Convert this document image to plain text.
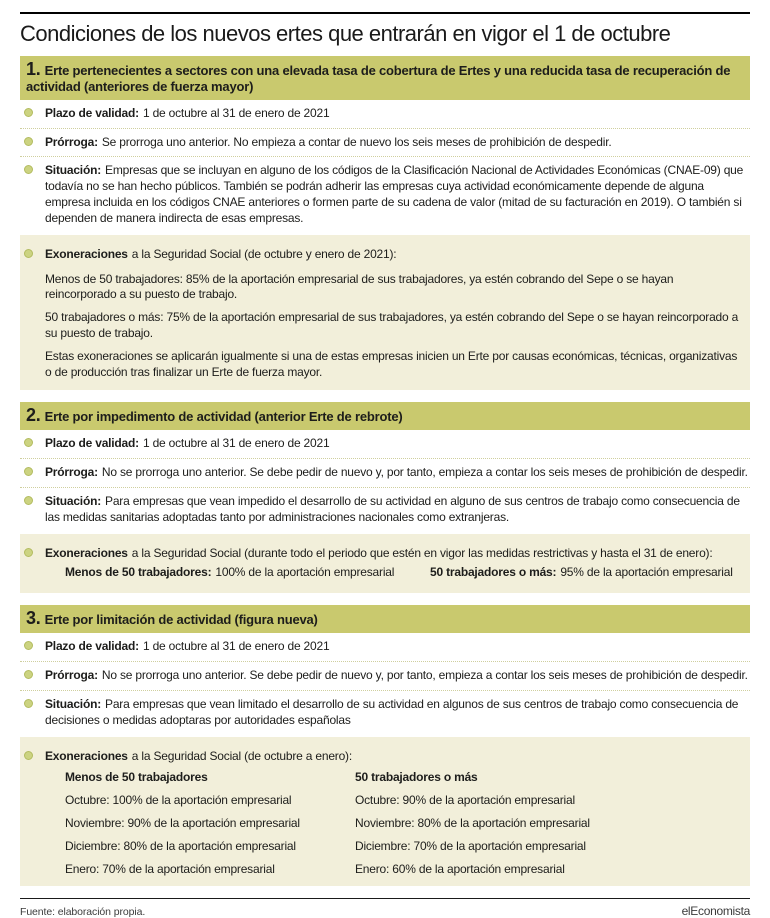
Condiciones de los nuevos ertes que entrarán en vigor el 1 de octubre
1. Erte pertenecientes a sectores con una elevada tasa de cobertura de Ertes y una reducida tasa de recuperación de actividad (anteriores de fuerza mayor)
Plazo de validad: 1 de octubre al 31 de enero de 2021
Prórroga: Se prorroga uno anterior. No empieza a contar de nuevo los seis meses de prohibición de despedir.
Situación: Empresas que se incluyan en alguno de los códigos de la Clasificación Nacional de Actividades Económicas (CNAE-09) que todavía no se han hecho públicos. También se podrán adherir las empresas cuya actividad económicamente depende de alguna empresa incluida en los códigos CNAE anteriores o formen parte de su cadena de valor (mitad de su facturación en 2019). O también si dependen de manera indirecta de esas empresas.
Exoneraciones a la Seguridad Social (de octubre y enero de 2021):

Menos de 50 trabajadores: 85% de la aportación empresarial de sus trabajadores, ya estén cobrando del Sepe o se hayan reincorporado a su puesto de trabajo.

50 trabajadores o más: 75% de la aportación empresarial de sus trabajadores, ya estén cobrando del Sepe o se hayan reincorporado a su puesto de trabajo.

Estas exoneraciones se aplicarán igualmente si una de estas empresas inicien un Erte por causas económicas, técnicas, organizativas o de producción tras finalizar un Erte de fuerza mayor.

2. Erte por impedimento de actividad (anterior Erte de rebrote)
Plazo de validad: 1 de octubre al 31 de enero de 2021
Prórroga: No se prorroga uno anterior. Se debe pedir de nuevo y, por tanto, empieza a contar los seis meses de prohibición de despedir.
Situación: Para empresas que vean impedido el desarrollo de su actividad en alguno de sus centros de trabajo como consecuencia de las medidas sanitarias adoptadas tanto por administraciones nacionales como extranjeras.
Exoneraciones a la Seguridad Social (durante todo el periodo que estén en vigor las medidas restrictivas y hasta el 31 de enero):
Menos de 50 trabajadores: 100% de la aportación empresarial	50 trabajadores o más: 95% de la aportación empresarial
3. Erte por limitación de actividad (figura nueva)
Plazo de validad: 1 de octubre al 31 de enero de 2021
Prórroga: No se prorroga uno anterior. Se debe pedir de nuevo y, por tanto, empieza a contar los seis meses de prohibición de despedir.
Situación: Para empresas que vean limitado el desarrollo de su actividad en algunos de sus centros de trabajo como consecuencia de decisiones o medidas adoptaras por autoridades españolas
Exoneraciones a la Seguridad Social (de octubre a enero):
Menos de 50 trabajadores
Octubre: 100% de la aportación empresarial
Noviembre: 90% de la aportación empresarial
Diciembre: 80% de la aportación empresarial
Enero: 70% de la aportación empresarial
50 trabajadores o más
Octubre: 90% de la aportación empresarial
Noviembre: 80% de la aportación empresarial
Diciembre: 70% de la aportación empresarial
Enero: 60% de la aportación empresarial
Fuente: elaboración propia.	elEconomista
